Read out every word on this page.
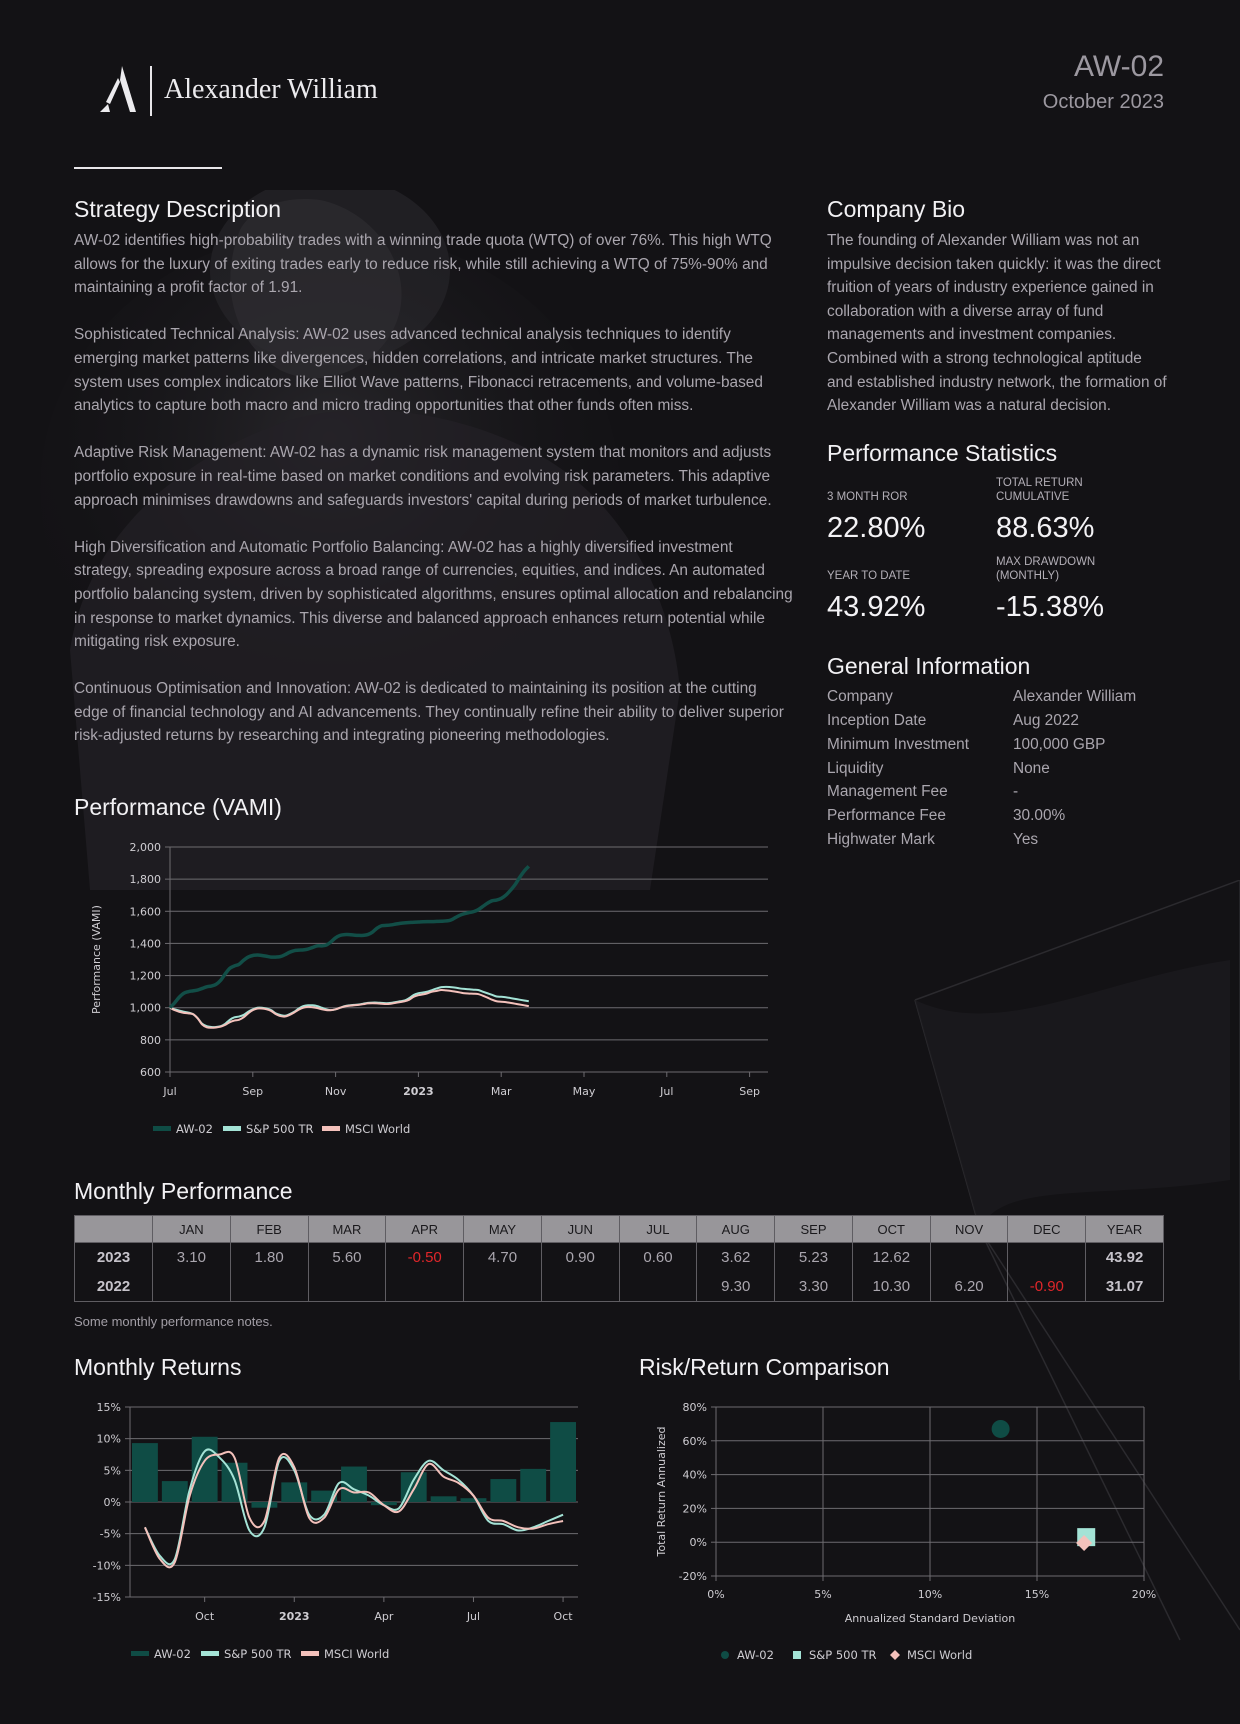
Alexander William
AW-02
October 2023
Strategy Description

AW-02 identifies high-probability trades with a winning trade quota (WTQ) of over 76%. This high WTQ allows for the luxury of exiting trades early to reduce risk, while still achieving a WTQ of 75%-90% and maintaining a profit factor of 1.91.

Sophisticated Technical Analysis: AW-02 uses advanced technical analysis techniques to identify emerging market patterns like divergences, hidden correlations, and intricate market structures. The system uses complex indicators like Elliot Wave patterns, Fibonacci retracements, and volume-based analytics to capture both macro and micro trading opportunities that other funds often miss.

Adaptive Risk Management: AW-02 has a dynamic risk management system that monitors and adjusts portfolio exposure in real-time based on market conditions and evolving risk parameters. This adaptive approach minimises drawdowns and safeguards investors' capital during periods of market turbulence.

High Diversification and Automatic Portfolio Balancing: AW-02 has a highly diversified investment strategy, spreading exposure across a broad range of currencies, equities, and indices. An automated portfolio balancing system, driven by sophisticated algorithms, ensures optimal allocation and rebalancing in response to market dynamics. This diverse and balanced approach enhances return potential while mitigating risk exposure.

Continuous Optimisation and Innovation: AW-02 is dedicated to maintaining its position at the cutting edge of financial technology and AI advancements. They continually refine their ability to deliver superior risk-adjusted returns by researching and integrating pioneering methodologies.

Company Bio

The founding of Alexander William was not an impulsive decision taken quickly: it was the direct fruition of years of industry experience gained in collaboration with a diverse array of fund managements and investment companies. Combined with a strong technological aptitude and established industry network, the formation of Alexander William was a natural decision.

Performance Statistics
3 MONTH ROR
22.80%
TOTAL RETURN CUMULATIVE
88.63%
YEAR TO DATE
43.92%
MAX DRAWDOWN (MONTHLY)
-15.38%
General Information
Company	Alexander William
Inception Date	Aug 2022
Minimum Investment	100,000 GBP
Liquidity	None
Management Fee	-
Performance Fee	30.00%
Highwater Mark	Yes
Performance (VAMI)
2,000
1,800
1,600
1,400
1,200
1,000
800
600
Jul	Sep	Nov	2023	Mar	May	Jul	Sep
Performance (VAMI)
AW-02	S&P 500 TR	MSCI World
15%
10%
5%
0%
-5%
-10%
-15%
Oct	2023	Apr	Jul	Oct
AW-02	S&P 500 TR	MSCI World
80%
60%
40%
20%
0%
-20%
0%	5%	10%	15%	20%
Annualized Standard Deviation
Total Return Annualized
AW-02	S&P 500 TR	MSCI World
Monthly Performance
	JAN	FEB	MAR	APR	MAY	JUN	JUL	AUG	SEP	OCT	NOV	DEC	YEAR
2023	3.10	1.80	5.60	-0.50	4.70	0.90	0.60	3.62	5.23	12.62			43.92
2022								9.30	3.30	10.30	6.20	-0.90	31.07
Some monthly performance notes.
Monthly Returns	Risk/Return Comparison
